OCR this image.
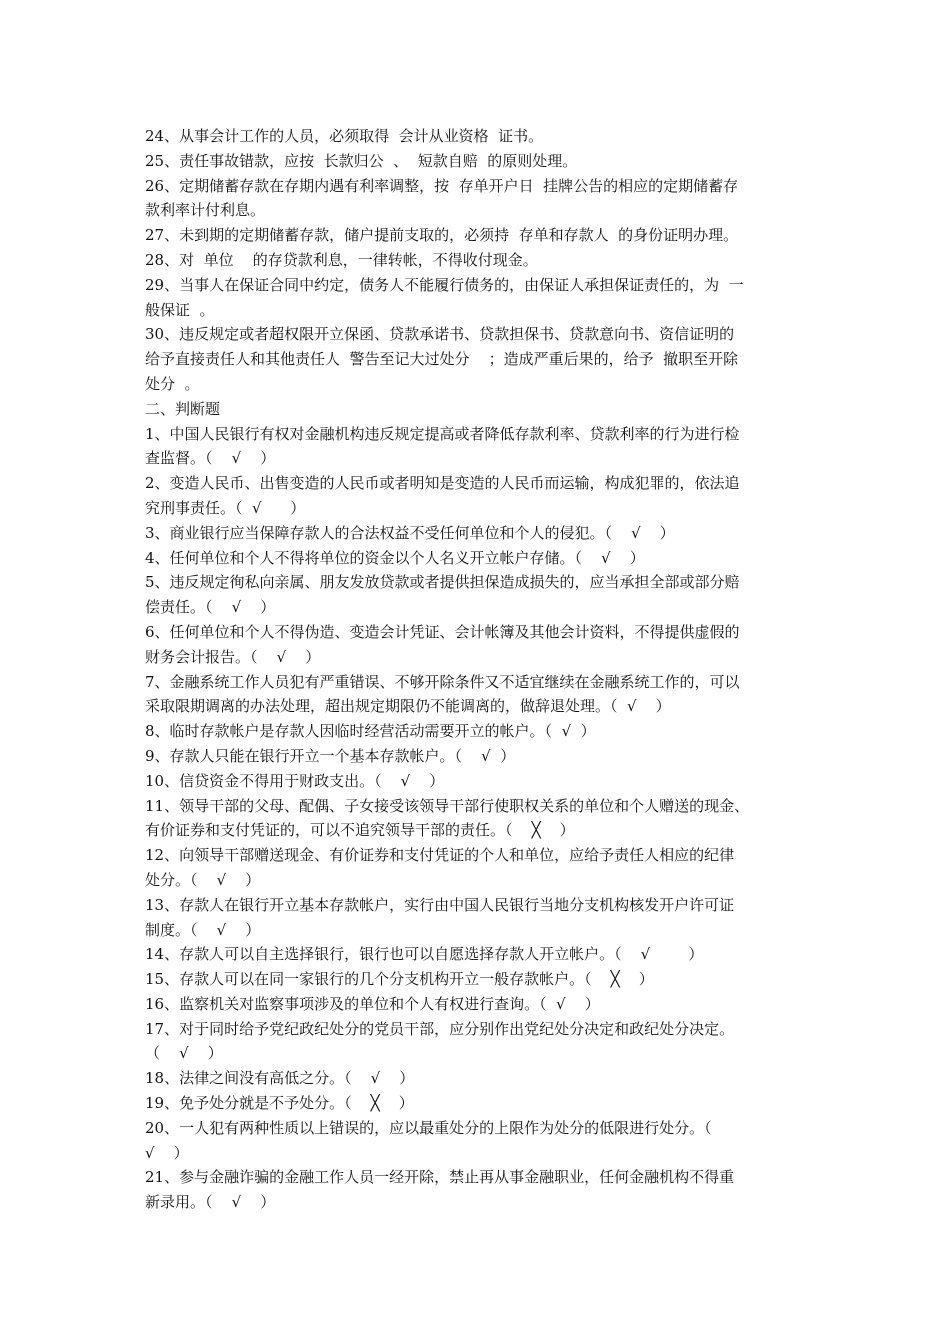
24、从事会计工作的人员，必须取得  会计从业资格  证书。
25、责任事故错款，应按  长款归公  、  短款自赔  的原则处理。
26、定期储蓄存款在存期内遇有利率调整，按  存单开户日  挂牌公告的相应的定期储蓄存
款利率计付利息。
27、未到期的定期储蓄存款，储户提前支取的，必须持  存单和存款人  的身份证明办理。
28、对  单位    的存贷款利息，一律转帐，不得收付现金。
29、当事人在保证合同中约定，债务人不能履行债务的，由保证人承担保证责任的，为  一
般保证  。
30、违反规定或者超权限开立保函、贷款承诺书、贷款担保书、贷款意向书、资信证明的
给予直接责任人和其他责任人  警告至记大过处分    ；造成严重后果的，给予  撤职至开除
处分  。
二、判断题
1、中国人民银行有权对金融机构违反规定提高或者降低存款利率、贷款利率的行为进行检
查监督。（    √    ）
2、变造人民币、出售变造的人民币或者明知是变造的人民币而运输，构成犯罪的，依法追
究刑事责任。（  √      ）
3、商业银行应当保障存款人的合法权益不受任何单位和个人的侵犯。（    √    ）
4、任何单位和个人不得将单位的资金以个人名义开立帐户存储。（    √    ）
5、违反规定徇私向亲属、朋友发放贷款或者提供担保造成损失的，应当承担全部或部分赔
偿责任。（    √    ）
6、任何单位和个人不得伪造、变造会计凭证、会计帐簿及其他会计资料，不得提供虚假的
财务会计报告。（    √    ）
7、金融系统工作人员犯有严重错误、不够开除条件又不适宜继续在金融系统工作的，可以
采取限期调离的办法处理，超出规定期限仍不能调离的，做辞退处理。（  √    ）
8、临时存款帐户是存款人因临时经营活动需要开立的帐户。（  √  ）
9、存款人只能在银行开立一个基本存款帐户。（    √  ）
10、信贷资金不得用于财政支出。（    √    ）
11、领导干部的父母、配偶、子女接受该领导干部行使职权关系的单位和个人赠送的现金、
有价证券和支付凭证的，可以不追究领导干部的责任。（    ╳    ）
12、向领导干部赠送现金、有价证券和支付凭证的个人和单位，应给予责任人相应的纪律
处分。（    √    ）
13、存款人在银行开立基本存款帐户，实行由中国人民银行当地分支机构核发开户许可证
制度。（    √    ）
14、存款人可以自主选择银行，银行也可以自愿选择存款人开立帐户。（    √        ）
15、存款人可以在同一家银行的几个分支机构开立一般存款帐户。（    ╳    ）
16、监察机关对监察事项涉及的单位和个人有权进行查询。（  √    ）
17、对于同时给予党纪政纪处分的党员干部，应分别作出党纪处分决定和政纪处分决定。
（    √    ）
18、法律之间没有高低之分。（    √    ）
19、免予处分就是不予处分。（    ╳    ）
20、一人犯有两种性质以上错误的，应以最重处分的上限作为处分的低限进行处分。（
√    ）
21、参与金融诈骗的金融工作人员一经开除，禁止再从事金融职业，任何金融机构不得重
新录用。（    √    ）
